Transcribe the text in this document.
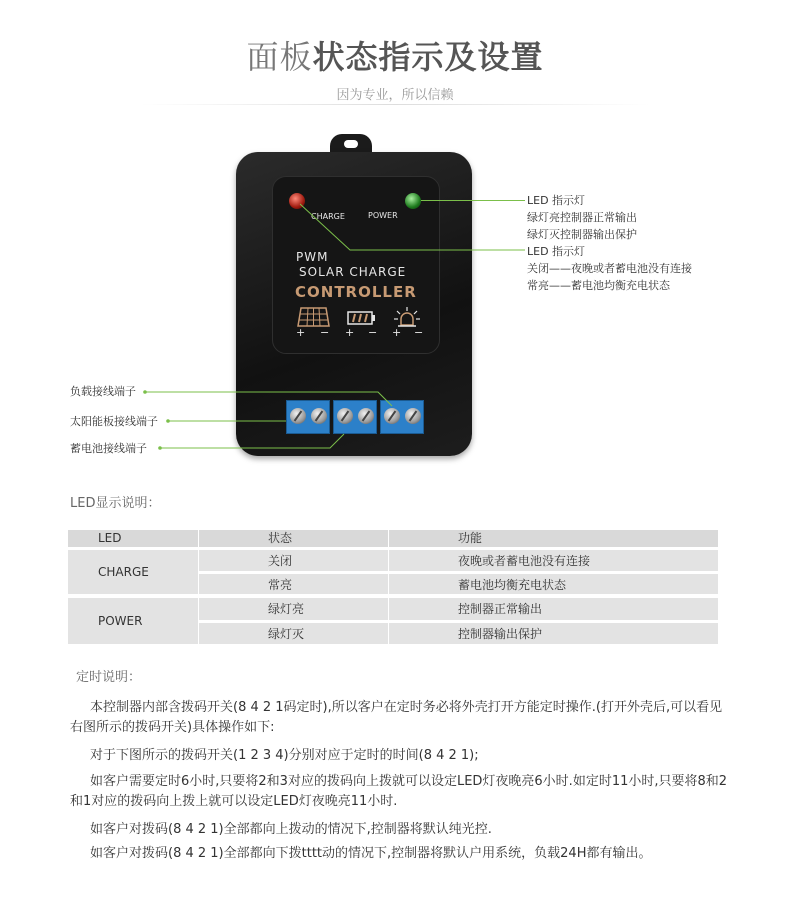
面板状态指示及设置
因为专业，所以信赖
CHARGE	POWER
PWM
SOLAR CHARGE
CONTROLLER
+ − + − + −
LED 指示灯
绿灯亮控制器正常输出
绿灯灭控制器输出保护
LED 指示灯
关闭——夜晚或者蓄电池没有连接
常亮——蓄电池均衡充电状态
负载接线端子
太阳能板接线端子
蓄电池接线端子
LED显示说明：
LED	状态	功能
CHARGE
关闭	夜晚或者蓄电池没有连接
常亮	蓄电池均衡充电状态
POWER
绿灯亮	控制器正常输出
绿灯灭	控制器输出保护
定时说明：
本控制器内部含拨码开关(8 4 2 1码定时),所以客户在定时务必将外壳打开方能定时操作.(打开外壳后,可以看见右图所示的拨码开关)具体操作如下:
对于下图所示的拨码开关(1 2 3 4)分别对应于定时的时间(8 4 2 1);
如客户需要定时6小时,只要将2和3对应的拨码向上拨就可以设定LED灯夜晚亮6小时.如定时11小时,只要将8和2和1对应的拨码向上拨上就可以设定LED灯夜晚亮11小时.
如客户对拨码(8 4 2 1)全部都向上拨动的情况下,控制器将默认纯光控.
如客户对拨码(8 4 2 1)全部都向下拨tttt动的情况下,控制器将默认户用系统，负载24H都有输出。
